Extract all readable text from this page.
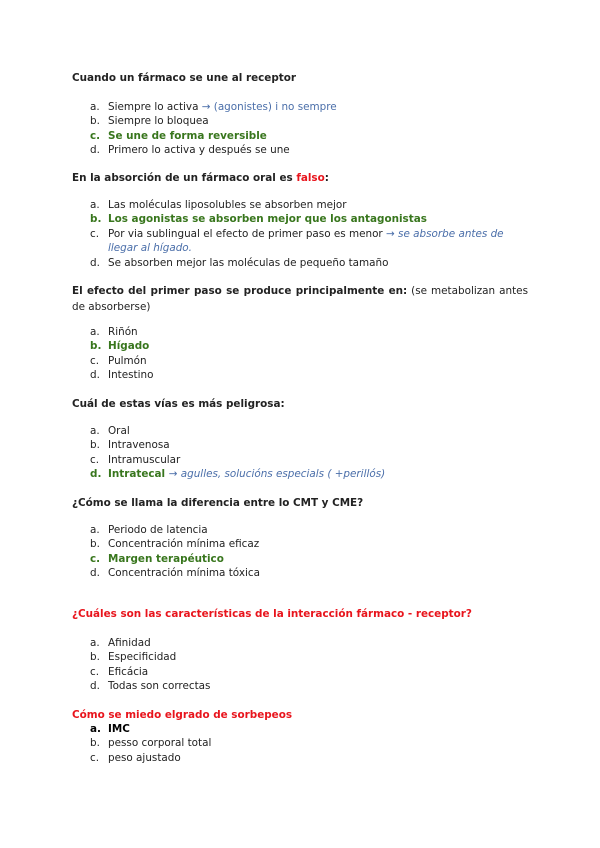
Cuando un fármaco se une al receptor
a. Siempre lo activa → (agonistes) i no sempre
b. Siempre lo bloquea
c. Se une de forma reversible
d. Primero lo activa y después se une
En la absorción de un fármaco oral es falso:
a. Las moléculas liposolubles se absorben mejor
b. Los agonistas se absorben mejor que los antagonistas
c. Por via sublingual el efecto de primer paso es menor → se absorbe antes de llegar al hígado.
d. Se absorben mejor las moléculas de pequeño tamaño
El efecto del primer paso se produce principalmente en: (se metabolizan antes de absorberse)
a. Riñón
b. Hígado
c. Pulmón
d. Intestino
Cuál de estas vías es más peligrosa:
a. Oral
b. Intravenosa
c. Intramuscular
d. Intratecal → agulles, solucións especials ( +perillós)
¿Cómo se llama la diferencia entre lo CMT y CME?
a. Periodo de latencia
b. Concentración mínima eficaz
c. Margen terapéutico
d. Concentración mínima tóxica
¿Cuáles son las características de la interacción fármaco - receptor?
a. Afinidad
b. Especificidad
c. Eficácia
d. Todas son correctas
Cómo se miedo elgrado de sorbepeos
a. IMC
b. pesso corporal total
c. peso ajustado
